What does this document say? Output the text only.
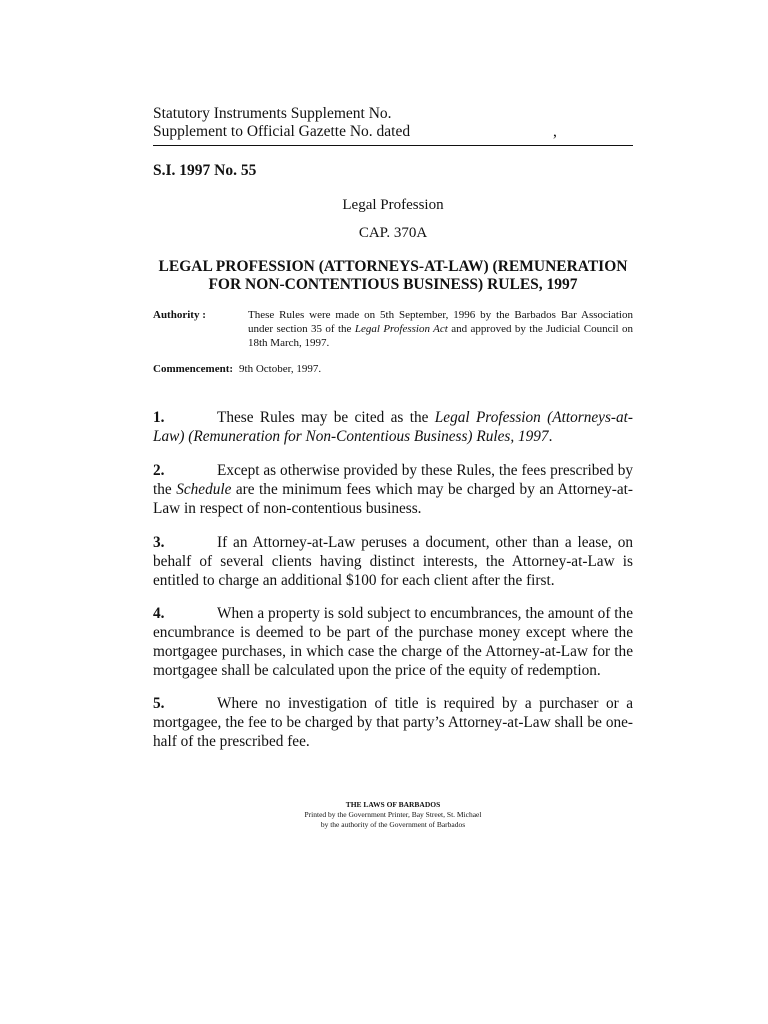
Statutory Instruments Supplement No.
Supplement to Official Gazette No. dated	,
S.I. 1997 No. 55
Legal Profession
CAP. 370A
LEGAL PROFESSION (ATTORNEYS-AT-LAW) (REMUNERATION FOR NON-CONTENTIOUS BUSINESS) RULES, 1997
Authority :	These Rules were made on 5th September, 1996 by the Barbados Bar Association under section 35 of the Legal Profession Act and approved by the Judicial Council on 18th March, 1997.
Commencement: 9th October, 1997.
1.	These Rules may be cited as the Legal Profession (Attorneys-at-Law) (Remuneration for Non-Contentious Business) Rules, 1997.
2.	Except as otherwise provided by these Rules, the fees prescribed by the Schedule are the minimum fees which may be charged by an Attorney-at-Law in respect of non-contentious business.
3.	If an Attorney-at-Law peruses a document, other than a lease, on behalf of several clients having distinct interests, the Attorney-at-Law is entitled to charge an additional $100 for each client after the first.
4.	When a property is sold subject to encumbrances, the amount of the encumbrance is deemed to be part of the purchase money except where the mortgagee purchases, in which case the charge of the Attorney-at-Law for the mortgagee shall be calculated upon the price of the equity of redemption.
5.	Where no investigation of title is required by a purchaser or a mortgagee, the fee to be charged by that party’s Attorney-at-Law shall be one-half of the prescribed fee.
THE LAWS OF BARBADOS
Printed by the Government Printer, Bay Street, St. Michael
by the authority of the Government of Barbados
